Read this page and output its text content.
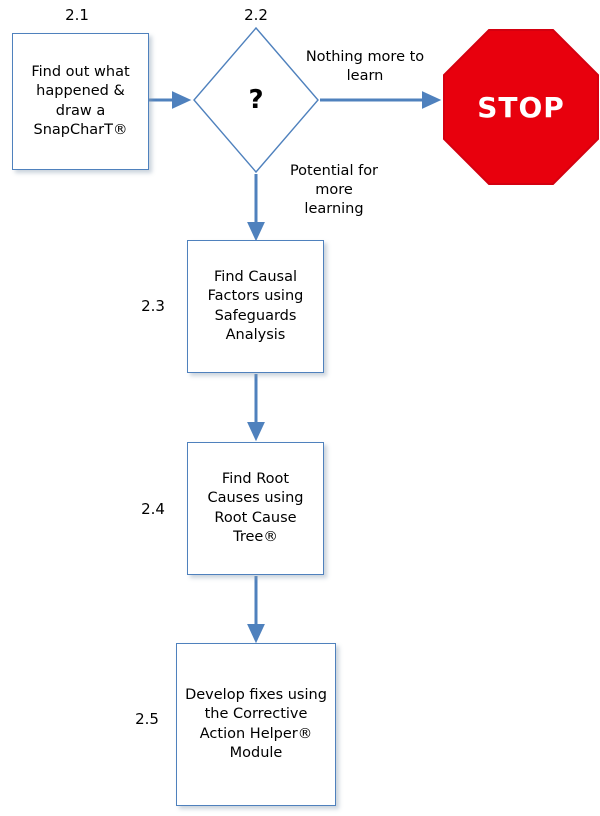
Find out what happened & draw a SnapCharT®
2.1
?
2.2
STOP
Nothing more to learn
Potential for more learning
Find Causal Factors using Safeguards Analysis
2.3
Find Root Causes using Root Cause Tree®
2.4
Develop fixes using the Corrective Action Helper® Module
2.5
